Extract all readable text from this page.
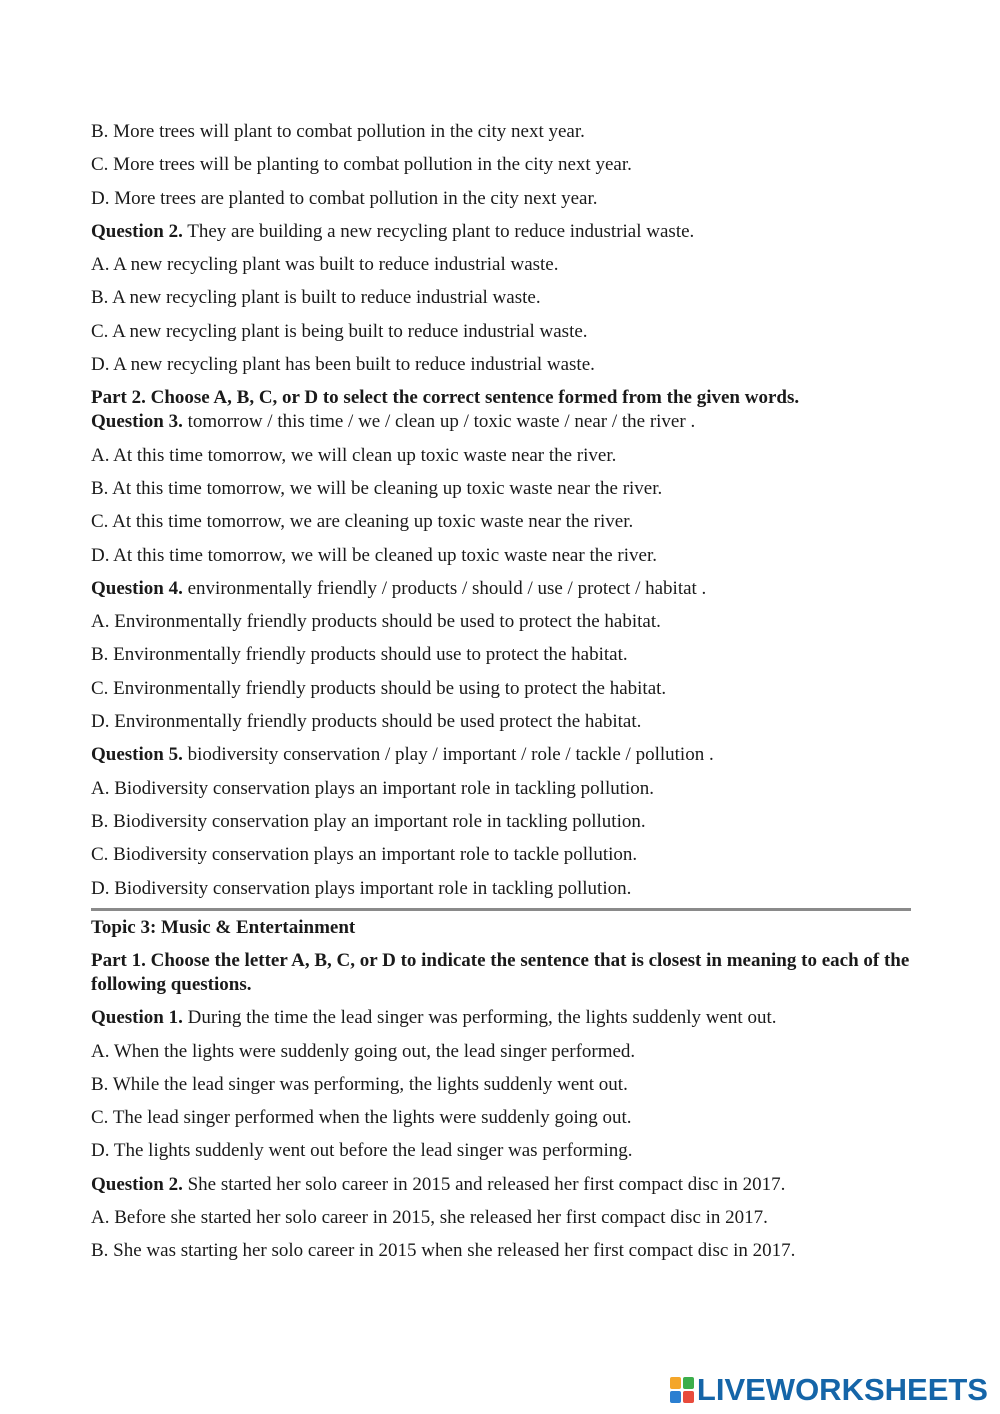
B. More trees will plant to combat pollution in the city next year.
C. More trees will be planting to combat pollution in the city next year.
D. More trees are planted to combat pollution in the city next year.
Question 2. They are building a new recycling plant to reduce industrial waste.
A. A new recycling plant was built to reduce industrial waste.
B. A new recycling plant is built to reduce industrial waste.
C. A new recycling plant is being built to reduce industrial waste.
D. A new recycling plant has been built to reduce industrial waste.
Part 2. Choose A, B, C, or D to select the correct sentence formed from the given words.
Question 3. tomorrow / this time / we / clean up / toxic waste / near / the river .
A. At this time tomorrow, we will clean up toxic waste near the river.
B. At this time tomorrow, we will be cleaning up toxic waste near the river.
C. At this time tomorrow, we are cleaning up toxic waste near the river.
D. At this time tomorrow, we will be cleaned up toxic waste near the river.
Question 4. environmentally friendly / products / should / use / protect / habitat .
A. Environmentally friendly products should be used to protect the habitat.
B. Environmentally friendly products should use to protect the habitat.
C. Environmentally friendly products should be using to protect the habitat.
D. Environmentally friendly products should be used protect the habitat.
Question 5. biodiversity conservation / play / important / role / tackle / pollution .
A. Biodiversity conservation plays an important role in tackling pollution.
B. Biodiversity conservation play an important role in tackling pollution.
C. Biodiversity conservation plays an important role to tackle pollution.
D. Biodiversity conservation plays important role in tackling pollution.
Topic 3: Music & Entertainment
Part 1. Choose the letter A, B, C, or D to indicate the sentence that is closest in meaning to each of the following questions.
Question 1. During the time the lead singer was performing, the lights suddenly went out.
A. When the lights were suddenly going out, the lead singer performed.
B. While the lead singer was performing, the lights suddenly went out.
C. The lead singer performed when the lights were suddenly going out.
D. The lights suddenly went out before the lead singer was performing.
Question 2. She started her solo career in 2015 and released her first compact disc in 2017.
A. Before she started her solo career in 2015, she released her first compact disc in 2017.
B. She was starting her solo career in 2015 when she released her first compact disc in 2017.
LIVEWORKSHEETS
